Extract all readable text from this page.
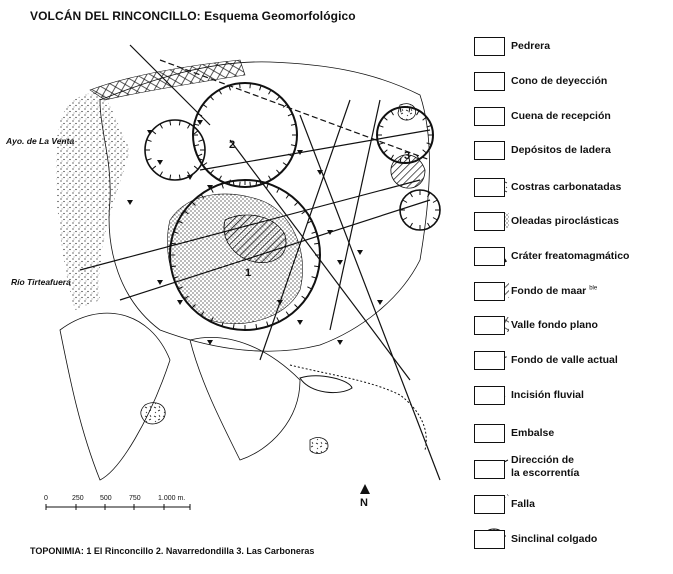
VOLCÁN DEL RINCONCILLO: Esquema Geomorfológico
Ayo. de La Venta
Río Tirteafuera
1
2
3
Pedrera
Cono de deyección
Cuena de recepción
Depósitos de ladera
Costras carbonatadas
Oleadas piroclásticas
Cráter freatomagmático
Fondo de maar $^{ble}$
Valle fondo plano
Fondo de valle actual
Incisión fluvial
Embalse
Dirección de
la escorrentía
Falla
Sinclinal colgado
0	250 500 750 1.000 m.	N
TOPONIMIA: 1 El Rinconcillo 2. Navarredondilla 3. Las Carboneras
